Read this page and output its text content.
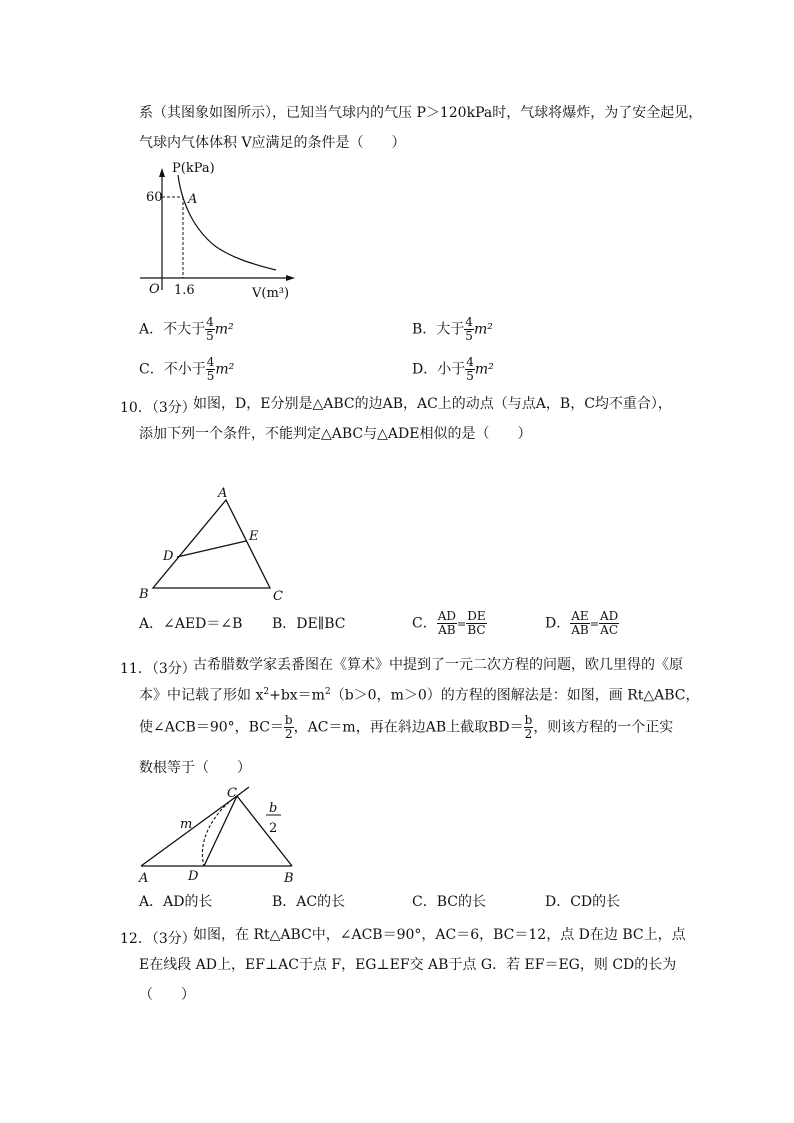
系（其图象如图所示），已知当气球内的气压 P＞120kPa时，气球将爆炸，为了安全起见，
气球内气体体积 V应满足的条件是（　　）
P(kPa)
A
60
O 1.6	V(m³)
A．不大于 $\frac{4}{5} m^2$	B．大于 $\frac{4}{5} m^2$
C．不小于 $\frac{4}{5} m^2$	D．小于 $\frac{4}{5} m^2$
10．（3分）
如图，D，E分别是△ABC的边AB，AC上的动点（与点A，B，C均不重合），
添加下列一个条件，不能判定△ABC与△ADE相似的是（　　）
A
E
D
B	C
A．∠AED＝∠B B．DE∥BC	C． $\frac{AD}{AB} = \frac{DE}{BC}$	D． $\frac{AE}{AB} = \frac{AD}{AC}$
11．（3分）
古希腊数学家丢番图在《算术》中提到了一元二次方程的问题，欧几里得的《原
本》中记载了形如 $x^2+bx=m^2(b>0$，m＞0）的方程的图解法是：如图，画 Rt△ABC，
使∠ACB＝90°，$BC= \frac{b}{2}$ ，AC＝m，再在斜边AB上截取$BD= \frac{b}{2}$ ，则该方程的一个正实
数根等于（　　）
C
m
b
2
A	D	B
A．AD的长	B．AC的长	C．BC的长	D．CD的长
12．（3分）
如图，在 Rt△ABC中，∠ACB＝90°，AC＝6，BC＝12，点 D在边 BC上，点
E在线段 AD上，EF⊥AC于点 F，EG⊥EF交 AB于点 G．若 EF＝EG，则 CD的长为
（　　）
